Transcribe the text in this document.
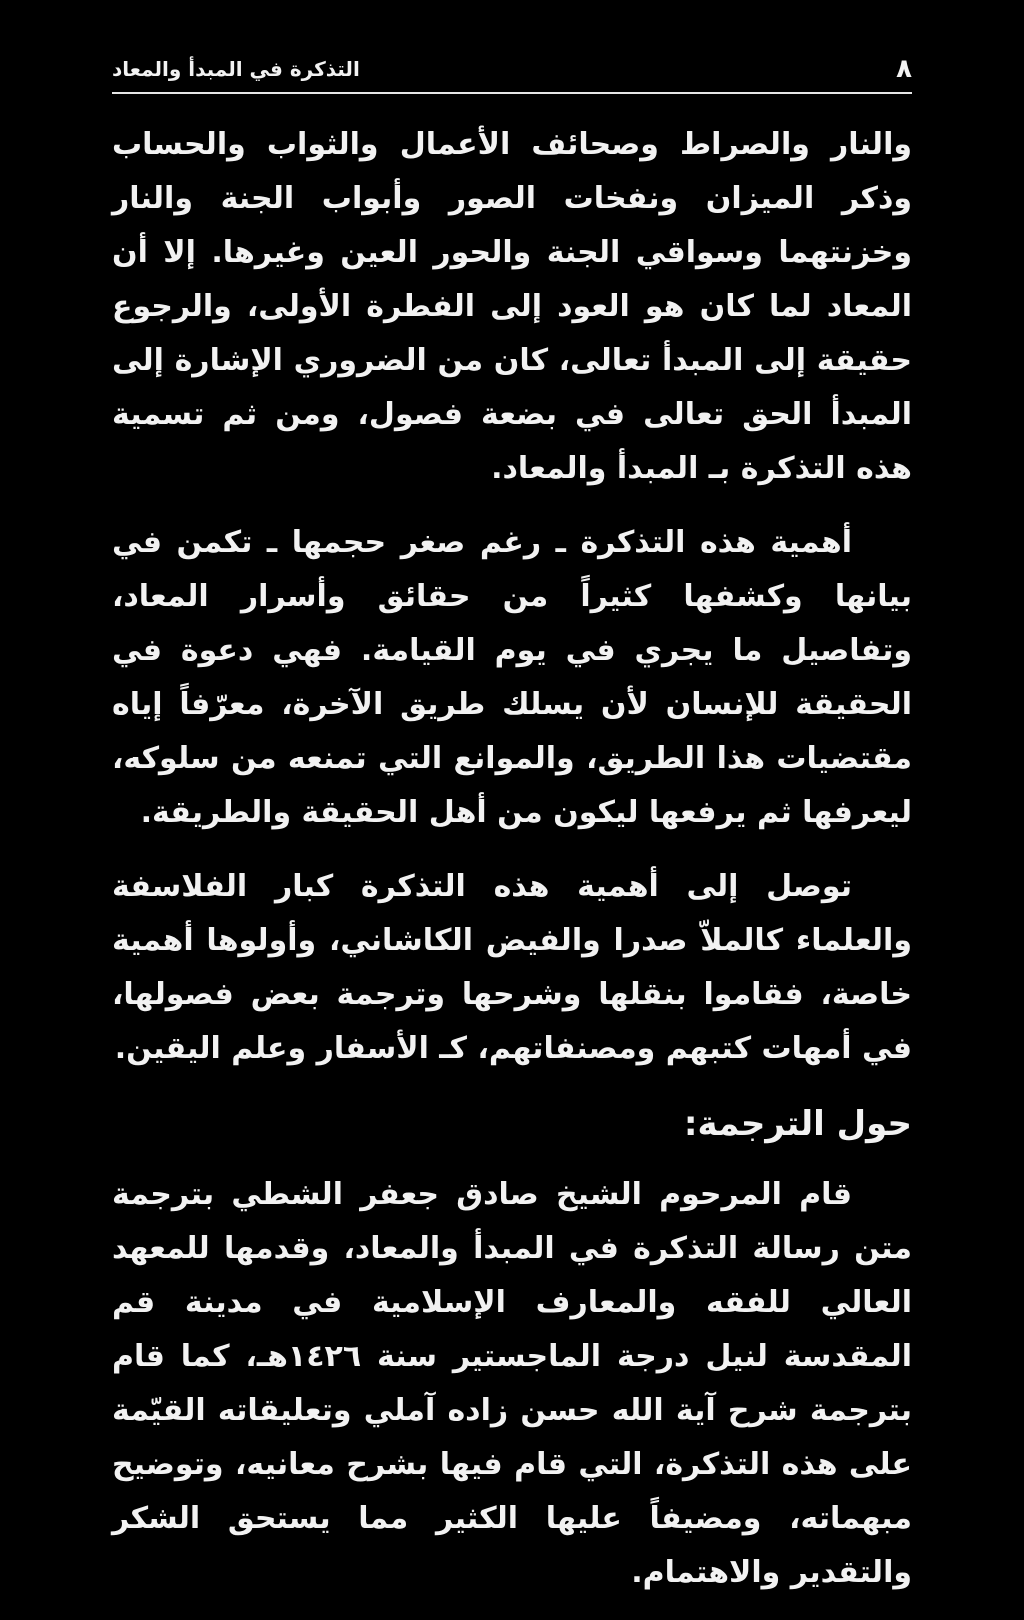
٨
التذكرة في المبدأ والمعاد

والنار والصراط وصحائف الأعمال والثواب والحساب وذكر الميزان ونفخات الصور وأبواب الجنة والنار وخزنتهما وسواقي الجنة والحور العين وغيرها. إلا أن المعاد لما كان هو العود إلى الفطرة الأولى، والرجوع حقيقة إلى المبدأ تعالى، كان من الضروري الإشارة إلى المبدأ الحق تعالى في بضعة فصول، ومن ثم تسمية هذه التذكرة بـ المبدأ والمعاد.

أهمية هذه التذكرة ـ رغم صغر حجمها ـ تكمن في بيانها وكشفها كثيراً من حقائق وأسرار المعاد، وتفاصيل ما يجري في يوم القيامة. فهي دعوة في الحقيقة للإنسان لأن يسلك طريق الآخرة، معرّفاً إياه مقتضيات هذا الطريق، والموانع التي تمنعه من سلوكه، ليعرفها ثم يرفعها ليكون من أهل الحقيقة والطريقة.

توصل إلى أهمية هذه التذكرة كبار الفلاسفة والعلماء كالملاّ صدرا والفيض الكاشاني، وأولوها أهمية خاصة، فقاموا بنقلها وشرحها وترجمة بعض فصولها، في أمهات كتبهم ومصنفاتهم، كـ الأسفار وعلم اليقين.

حول الترجمة:

قام المرحوم الشيخ صادق جعفر الشطي بترجمة متن رسالة التذكرة في المبدأ والمعاد، وقدمها للمعهد العالي للفقه والمعارف الإسلامية في مدينة قم المقدسة لنيل درجة الماجستير سنة ١٤٢٦هـ، كما قام بترجمة شرح آية الله حسن زاده آملي وتعليقاته القيّمة على هذه التذكرة، التي قام فيها بشرح معانيه، وتوضيح مبهماته، ومضيفاً عليها الكثير مما يستحق الشكر والتقدير والاهتمام.
